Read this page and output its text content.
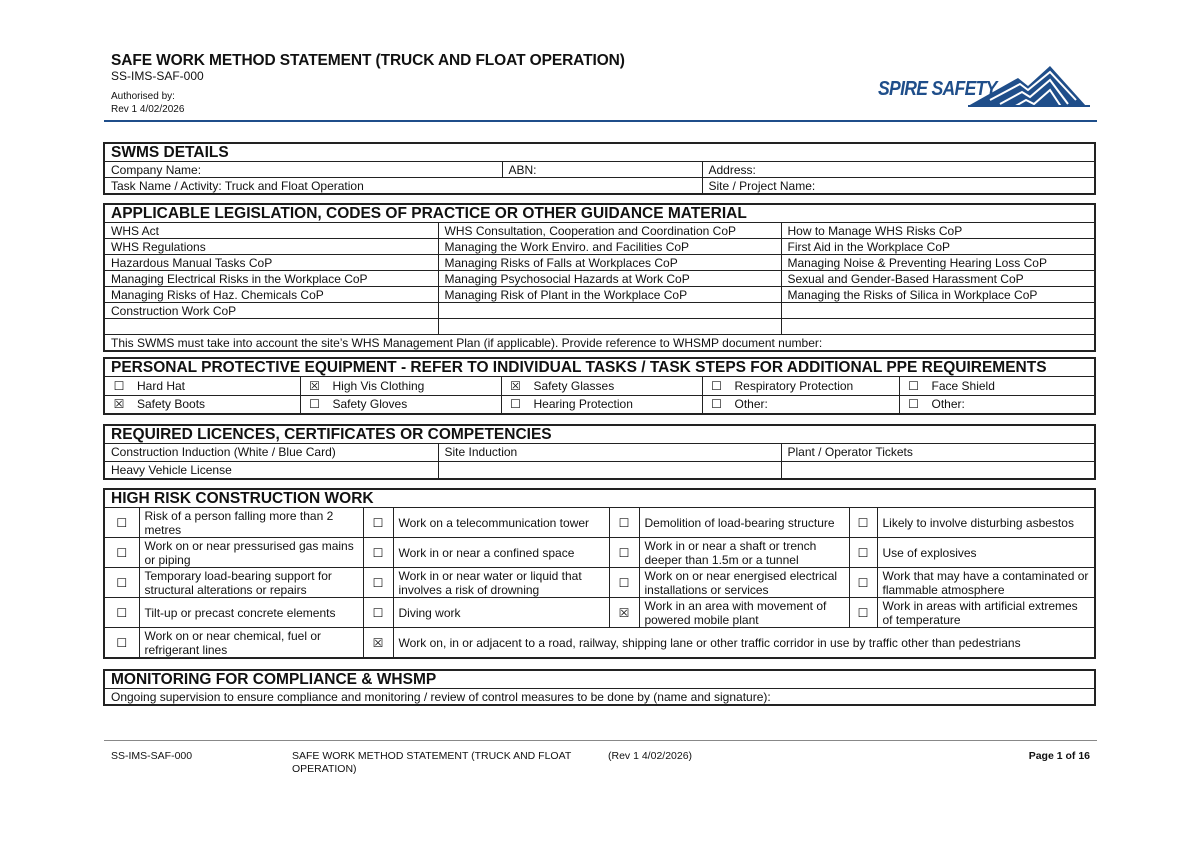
SAFE WORK METHOD STATEMENT (TRUCK AND FLOAT OPERATION)
SS-IMS-SAF-000
Authorised by:
Rev 1 4/02/2026
SPIRE SAFETY
SWMS DETAILS
Company Name:	ABN:	Address:
Task Name / Activity: Truck and Float Operation		Site / Project Name:
APPLICABLE LEGISLATION, CODES OF PRACTICE OR OTHER GUIDANCE MATERIAL
WHS Act	WHS Consultation, Cooperation and Coordination CoP	How to Manage WHS Risks CoP
WHS Regulations	Managing the Work Enviro. and Facilities CoP	First Aid in the Workplace CoP
Hazardous Manual Tasks CoP	Managing Risks of Falls at Workplaces CoP	Managing Noise & Preventing Hearing Loss CoP
Managing Electrical Risks in the Workplace CoP	Managing Psychosocial Hazards at Work CoP	Sexual and Gender-Based Harassment CoP
Managing Risks of Haz. Chemicals CoP	Managing Risk of Plant in the Workplace CoP	Managing the Risks of Silica in Workplace CoP
Construction Work CoP		

This SWMS must take into account the site’s WHS Management Plan (if applicable). Provide reference to WHSMP document number:		
PERSONAL PROTECTIVE EQUIPMENT - REFER TO INDIVIDUAL TASKS / TASK STEPS FOR ADDITIONAL PPE REQUIREMENTS
☐ Hard Hat	☒ High Vis Clothing	☒ Safety Glasses	☐ Respiratory Protection	☐ Face Shield
☒ Safety Boots	☐ Safety Gloves	☐ Hearing Protection	☐ Other:	☐ Other:
REQUIRED LICENCES, CERTIFICATES OR COMPETENCIES
Construction Induction (White / Blue Card)	Site Induction	Plant / Operator Tickets
Heavy Vehicle License		
HIGH RISK CONSTRUCTION WORK
☐	Risk of a person falling more than 2 metres	☐	Work on a telecommunication tower	☐	Demolition of load-bearing structure	☐	Likely to involve disturbing asbestos
☐	Work on or near pressurised gas mains or piping	☐	Work in or near a confined space	☐	Work in or near a shaft or trench deeper than 1.5m or a tunnel	☐	Use of explosives
☐	Temporary load-bearing support for structural alterations or repairs	☐	Work in or near water or liquid that involves a risk of drowning	☐	Work on or near energised electrical installations or services	☐	Work that may have a contaminated or flammable atmosphere
☐	Tilt-up or precast concrete elements	☐	Diving work	☒	Work in an area with movement of powered mobile plant	☐	Work in areas with artificial extremes of temperature
☐	Work on or near chemical, fuel or refrigerant lines	☒	Work on, in or adjacent to a road, railway, shipping lane or other traffic corridor in use by traffic other than pedestrians				
MONITORING FOR COMPLIANCE & WHSMP
Ongoing supervision to ensure compliance and monitoring / review of control measures to be done by (name and signature):
SS-IMS-SAF-000	SAFE WORK METHOD STATEMENT (TRUCK AND FLOAT OPERATION)
(Rev 1 4/02/2026)	Page 1 of 16
